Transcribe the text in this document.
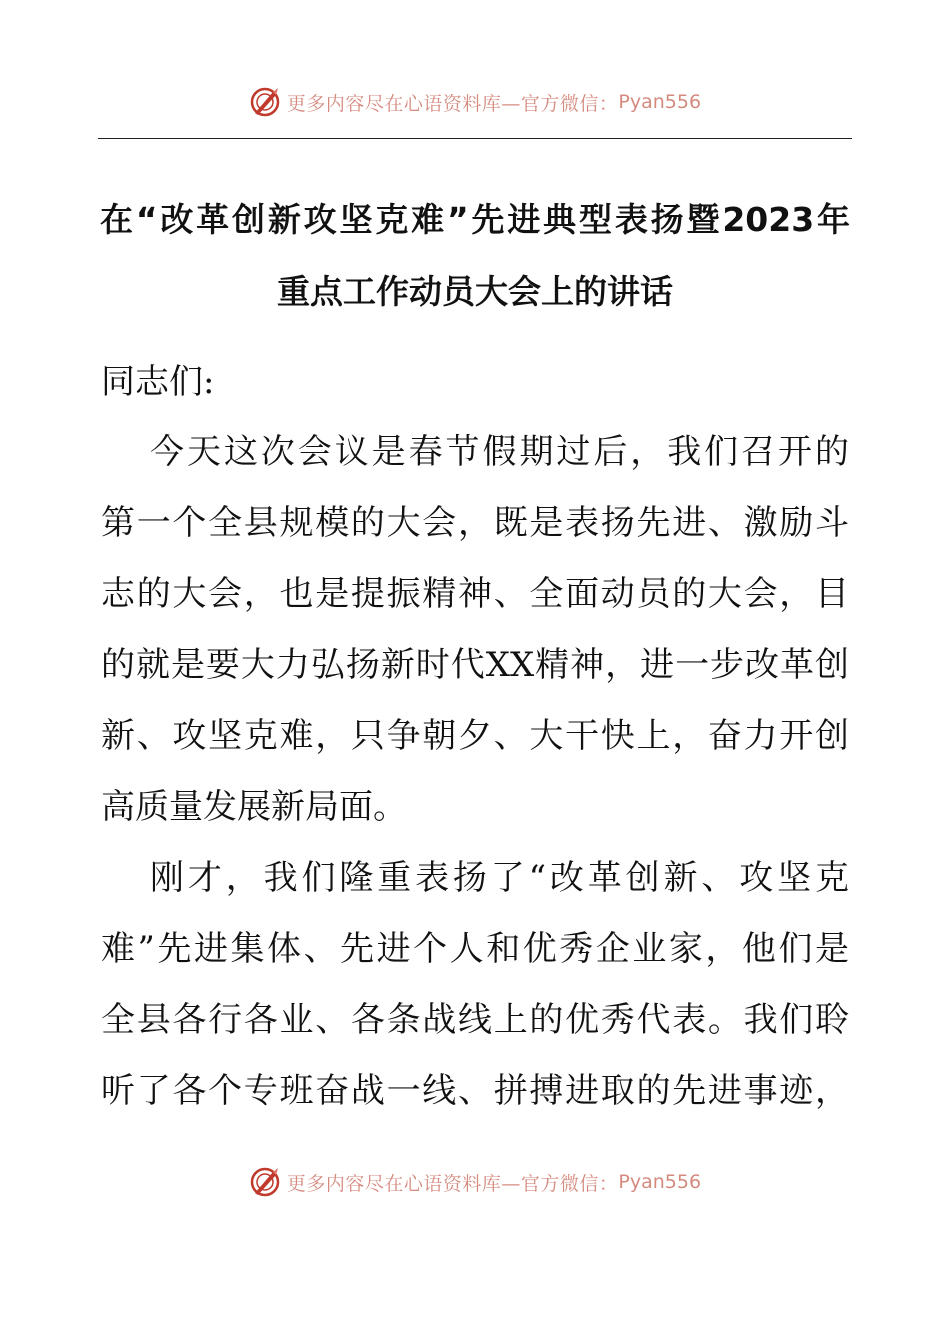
更多内容尽在心语资料库—官方微信： Pyan556
在“改革创新攻坚克难”先进典型表扬暨2023年
重点工作动员大会上的讲话
同志们:
今天这次会议是春节假期过后，我们召开的
第一个全县规模的大会，既是表扬先进、激励斗
志的大会，也是提振精神、全面动员的大会，目
的就是要大力弘扬新时代XX精神，进一步改革创
新、攻坚克难，只争朝夕、大干快上，奋力开创
高质量发展新局面。
刚才，我们隆重表扬了“改革创新、攻坚克
难”先进集体、先进个人和优秀企业家，他们是
全县各行各业、各条战线上的优秀代表。我们聆
听了各个专班奋战一线、拼搏进取的先进事迹，
更多内容尽在心语资料库—官方微信： Pyan556
